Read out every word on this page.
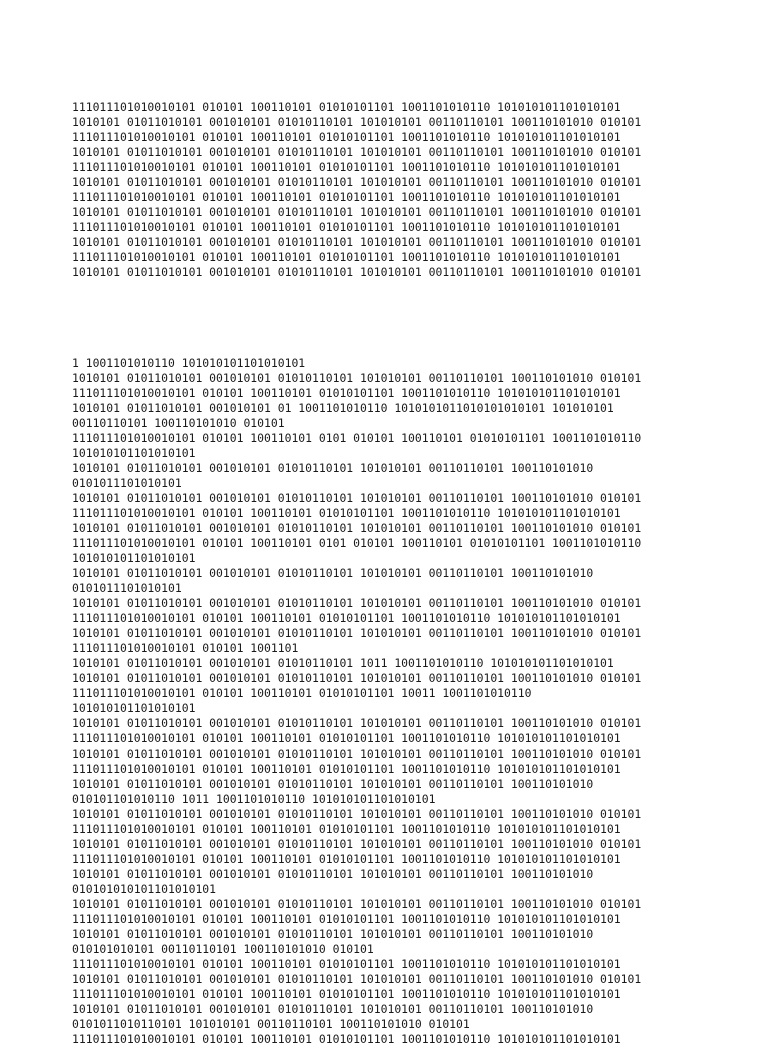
111011101010010101 010101 100110101 01010101101 1001101010110 101010101101010101
1010101 01011010101 001010101 01010110101 101010101 00110110101 100110101010 010101
111011101010010101 010101 100110101 01010101101 1001101010110 101010101101010101
1010101 01011010101 001010101 01010110101 101010101 00110110101 100110101010 010101
111011101010010101 010101 100110101 01010101101 1001101010110 101010101101010101
1010101 01011010101 001010101 01010110101 101010101 00110110101 100110101010 010101
111011101010010101 010101 100110101 01010101101 1001101010110 101010101101010101
1010101 01011010101 001010101 01010110101 101010101 00110110101 100110101010 010101
111011101010010101 010101 100110101 01010101101 1001101010110 101010101101010101
1010101 01011010101 001010101 01010110101 101010101 00110110101 100110101010 010101
111011101010010101 010101 100110101 01010101101 1001101010110 101010101101010101
1010101 01011010101 001010101 01010110101 101010101 00110110101 100110101010 010101

1 1001101010110 101010101101010101
1010101 01011010101 001010101 01010110101 101010101 00110110101 100110101010 010101
111011101010010101 010101 100110101 01010101101 1001101010110 101010101101010101
1010101 01011010101 001010101 01 1001101010110 1010101011010101010101 101010101
00110110101 100110101010 010101
111011101010010101 010101 100110101 0101 010101 100110101 01010101101 1001101010110
101010101101010101
1010101 01011010101 001010101 01010110101 101010101 00110110101 100110101010
0101011101010101
1010101 01011010101 001010101 01010110101 101010101 00110110101 100110101010 010101
111011101010010101 010101 100110101 01010101101 1001101010110 101010101101010101
1010101 01011010101 001010101 01010110101 101010101 00110110101 100110101010 010101
111011101010010101 010101 100110101 0101 010101 100110101 01010101101 1001101010110
101010101101010101
1010101 01011010101 001010101 01010110101 101010101 00110110101 100110101010
0101011101010101
1010101 01011010101 001010101 01010110101 101010101 00110110101 100110101010 010101
111011101010010101 010101 100110101 01010101101 1001101010110 101010101101010101
1010101 01011010101 001010101 01010110101 101010101 00110110101 100110101010 010101
111011101010010101 010101 1001101
1010101 01011010101 001010101 01010110101 1011 1001101010110 101010101101010101
1010101 01011010101 001010101 01010110101 101010101 00110110101 100110101010 010101
111011101010010101 010101 100110101 01010101101 10011 1001101010110
101010101101010101
1010101 01011010101 001010101 01010110101 101010101 00110110101 100110101010 010101
111011101010010101 010101 100110101 01010101101 1001101010110 101010101101010101
1010101 01011010101 001010101 01010110101 101010101 00110110101 100110101010 010101
111011101010010101 010101 100110101 01010101101 1001101010110 101010101101010101
1010101 01011010101 001010101 01010110101 101010101 00110110101 100110101010
010101101010110 1011 1001101010110 101010101101010101
1010101 01011010101 001010101 01010110101 101010101 00110110101 100110101010 010101
111011101010010101 010101 100110101 01010101101 1001101010110 101010101101010101
1010101 01011010101 001010101 01010110101 101010101 00110110101 100110101010 010101
111011101010010101 010101 100110101 01010101101 1001101010110 101010101101010101
1010101 01011010101 001010101 01010110101 101010101 00110110101 100110101010
010101010101101010101
1010101 01011010101 001010101 01010110101 101010101 00110110101 100110101010 010101
111011101010010101 010101 100110101 01010101101 1001101010110 101010101101010101
1010101 01011010101 001010101 01010110101 101010101 00110110101 100110101010
010101010101 00110110101 100110101010 010101
111011101010010101 010101 100110101 01010101101 1001101010110 101010101101010101
1010101 01011010101 001010101 01010110101 101010101 00110110101 100110101010 010101
111011101010010101 010101 100110101 01010101101 1001101010110 101010101101010101
1010101 01011010101 001010101 01010110101 101010101 00110110101 100110101010
0101011010110101 101010101 00110110101 100110101010 010101
111011101010010101 010101 100110101 01010101101 1001101010110 101010101101010101
